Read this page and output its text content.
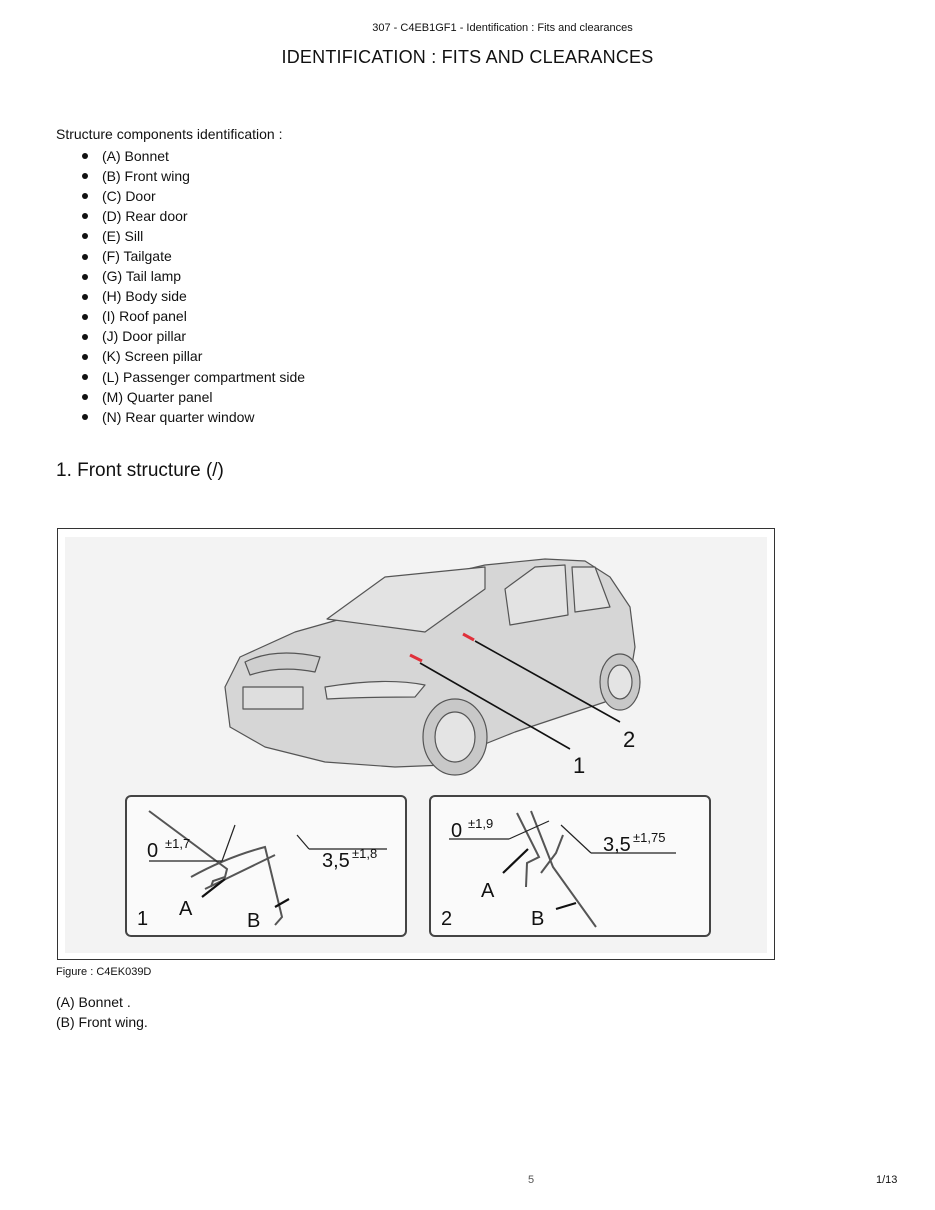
307 - C4EB1GF1 - Identification : Fits and clearances
IDENTIFICATION : FITS AND CLEARANCES
Structure components identification :
(A) Bonnet
(B) Front wing
(C) Door
(D) Rear door
(E) Sill
(F) Tailgate
(G) Tail lamp
(H) Body side
(I) Roof panel
(J) Door pillar
(K) Screen pillar
(L) Passenger compartment side
(M) Quarter panel
(N) Rear quarter window
1. Front structure (/)
1
2
0 ±1,7
3,5 ±1,8
A
B
1
0 ±1,9
3,5 ±1,75
A
B
2
Figure : C4EK039D
(A) Bonnet .
(B) Front wing.
5	1/13
